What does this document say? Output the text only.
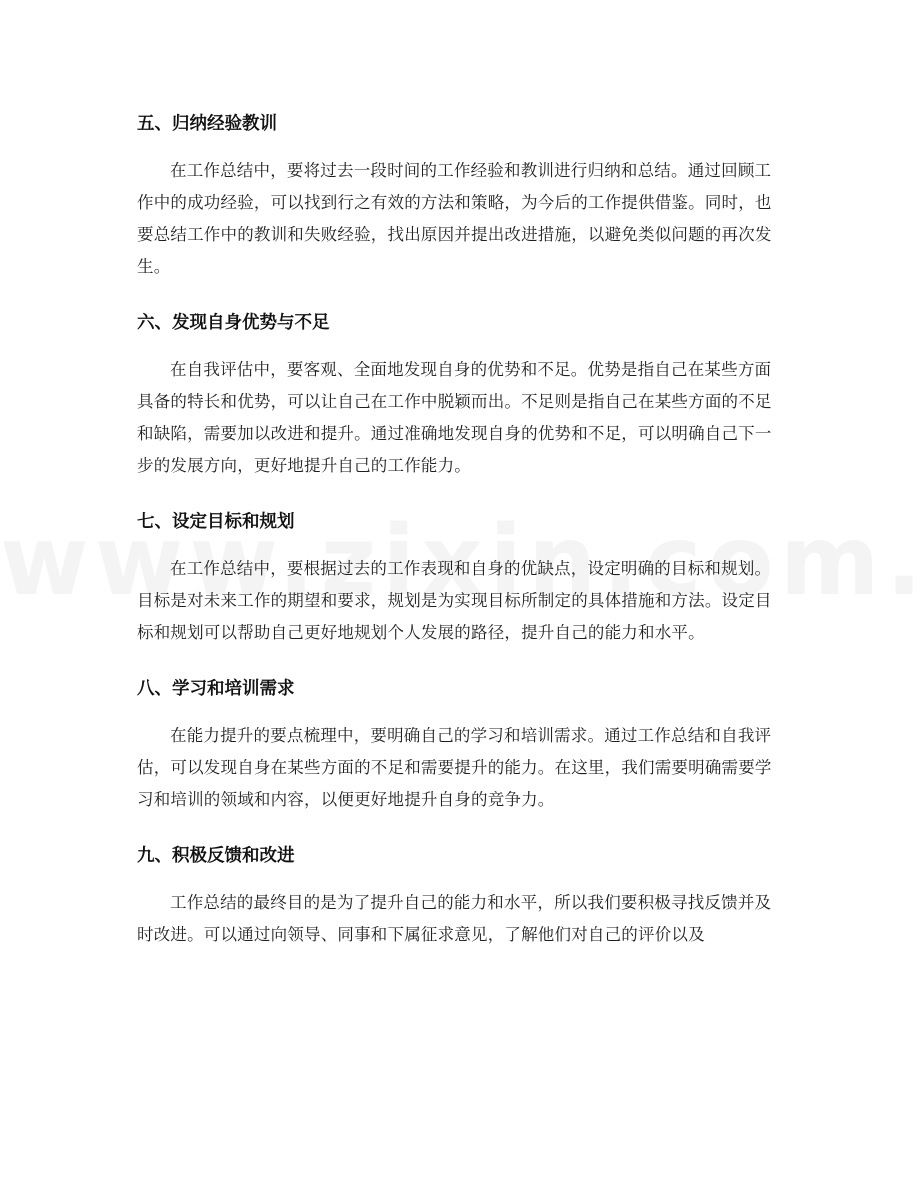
五、归纳经验教训

在工作总结中，要将过去一段时间的工作经验和教训进行归纳和总结。通过回顾工作中的成功经验，可以找到行之有效的方法和策略，为今后的工作提供借鉴。同时，也要总结工作中的教训和失败经验，找出原因并提出改进措施，以避免类似问题的再次发生。

六、发现自身优势与不足

在自我评估中，要客观、全面地发现自身的优势和不足。优势是指自己在某些方面具备的特长和优势，可以让自己在工作中脱颖而出。不足则是指自己在某些方面的不足和缺陷，需要加以改进和提升。通过准确地发现自身的优势和不足，可以明确自己下一步的发展方向，更好地提升自己的工作能力。

七、设定目标和规划

在工作总结中，要根据过去的工作表现和自身的优缺点，设定明确的目标和规划。目标是对未来工作的期望和要求，规划是为实现目标所制定的具体措施和方法。设定目标和规划可以帮助自己更好地规划个人发展的路径，提升自己的能力和水平。

八、学习和培训需求

在能力提升的要点梳理中，要明确自己的学习和培训需求。通过工作总结和自我评估，可以发现自身在某些方面的不足和需要提升的能力。在这里，我们需要明确需要学习和培训的领域和内容，以便更好地提升自身的竞争力。

九、积极反馈和改进

工作总结的最终目的是为了提升自己的能力和水平，所以我们要积极寻找反馈并及时改进。可以通过向领导、同事和下属征求意见，了解他们对自己的评价以及
